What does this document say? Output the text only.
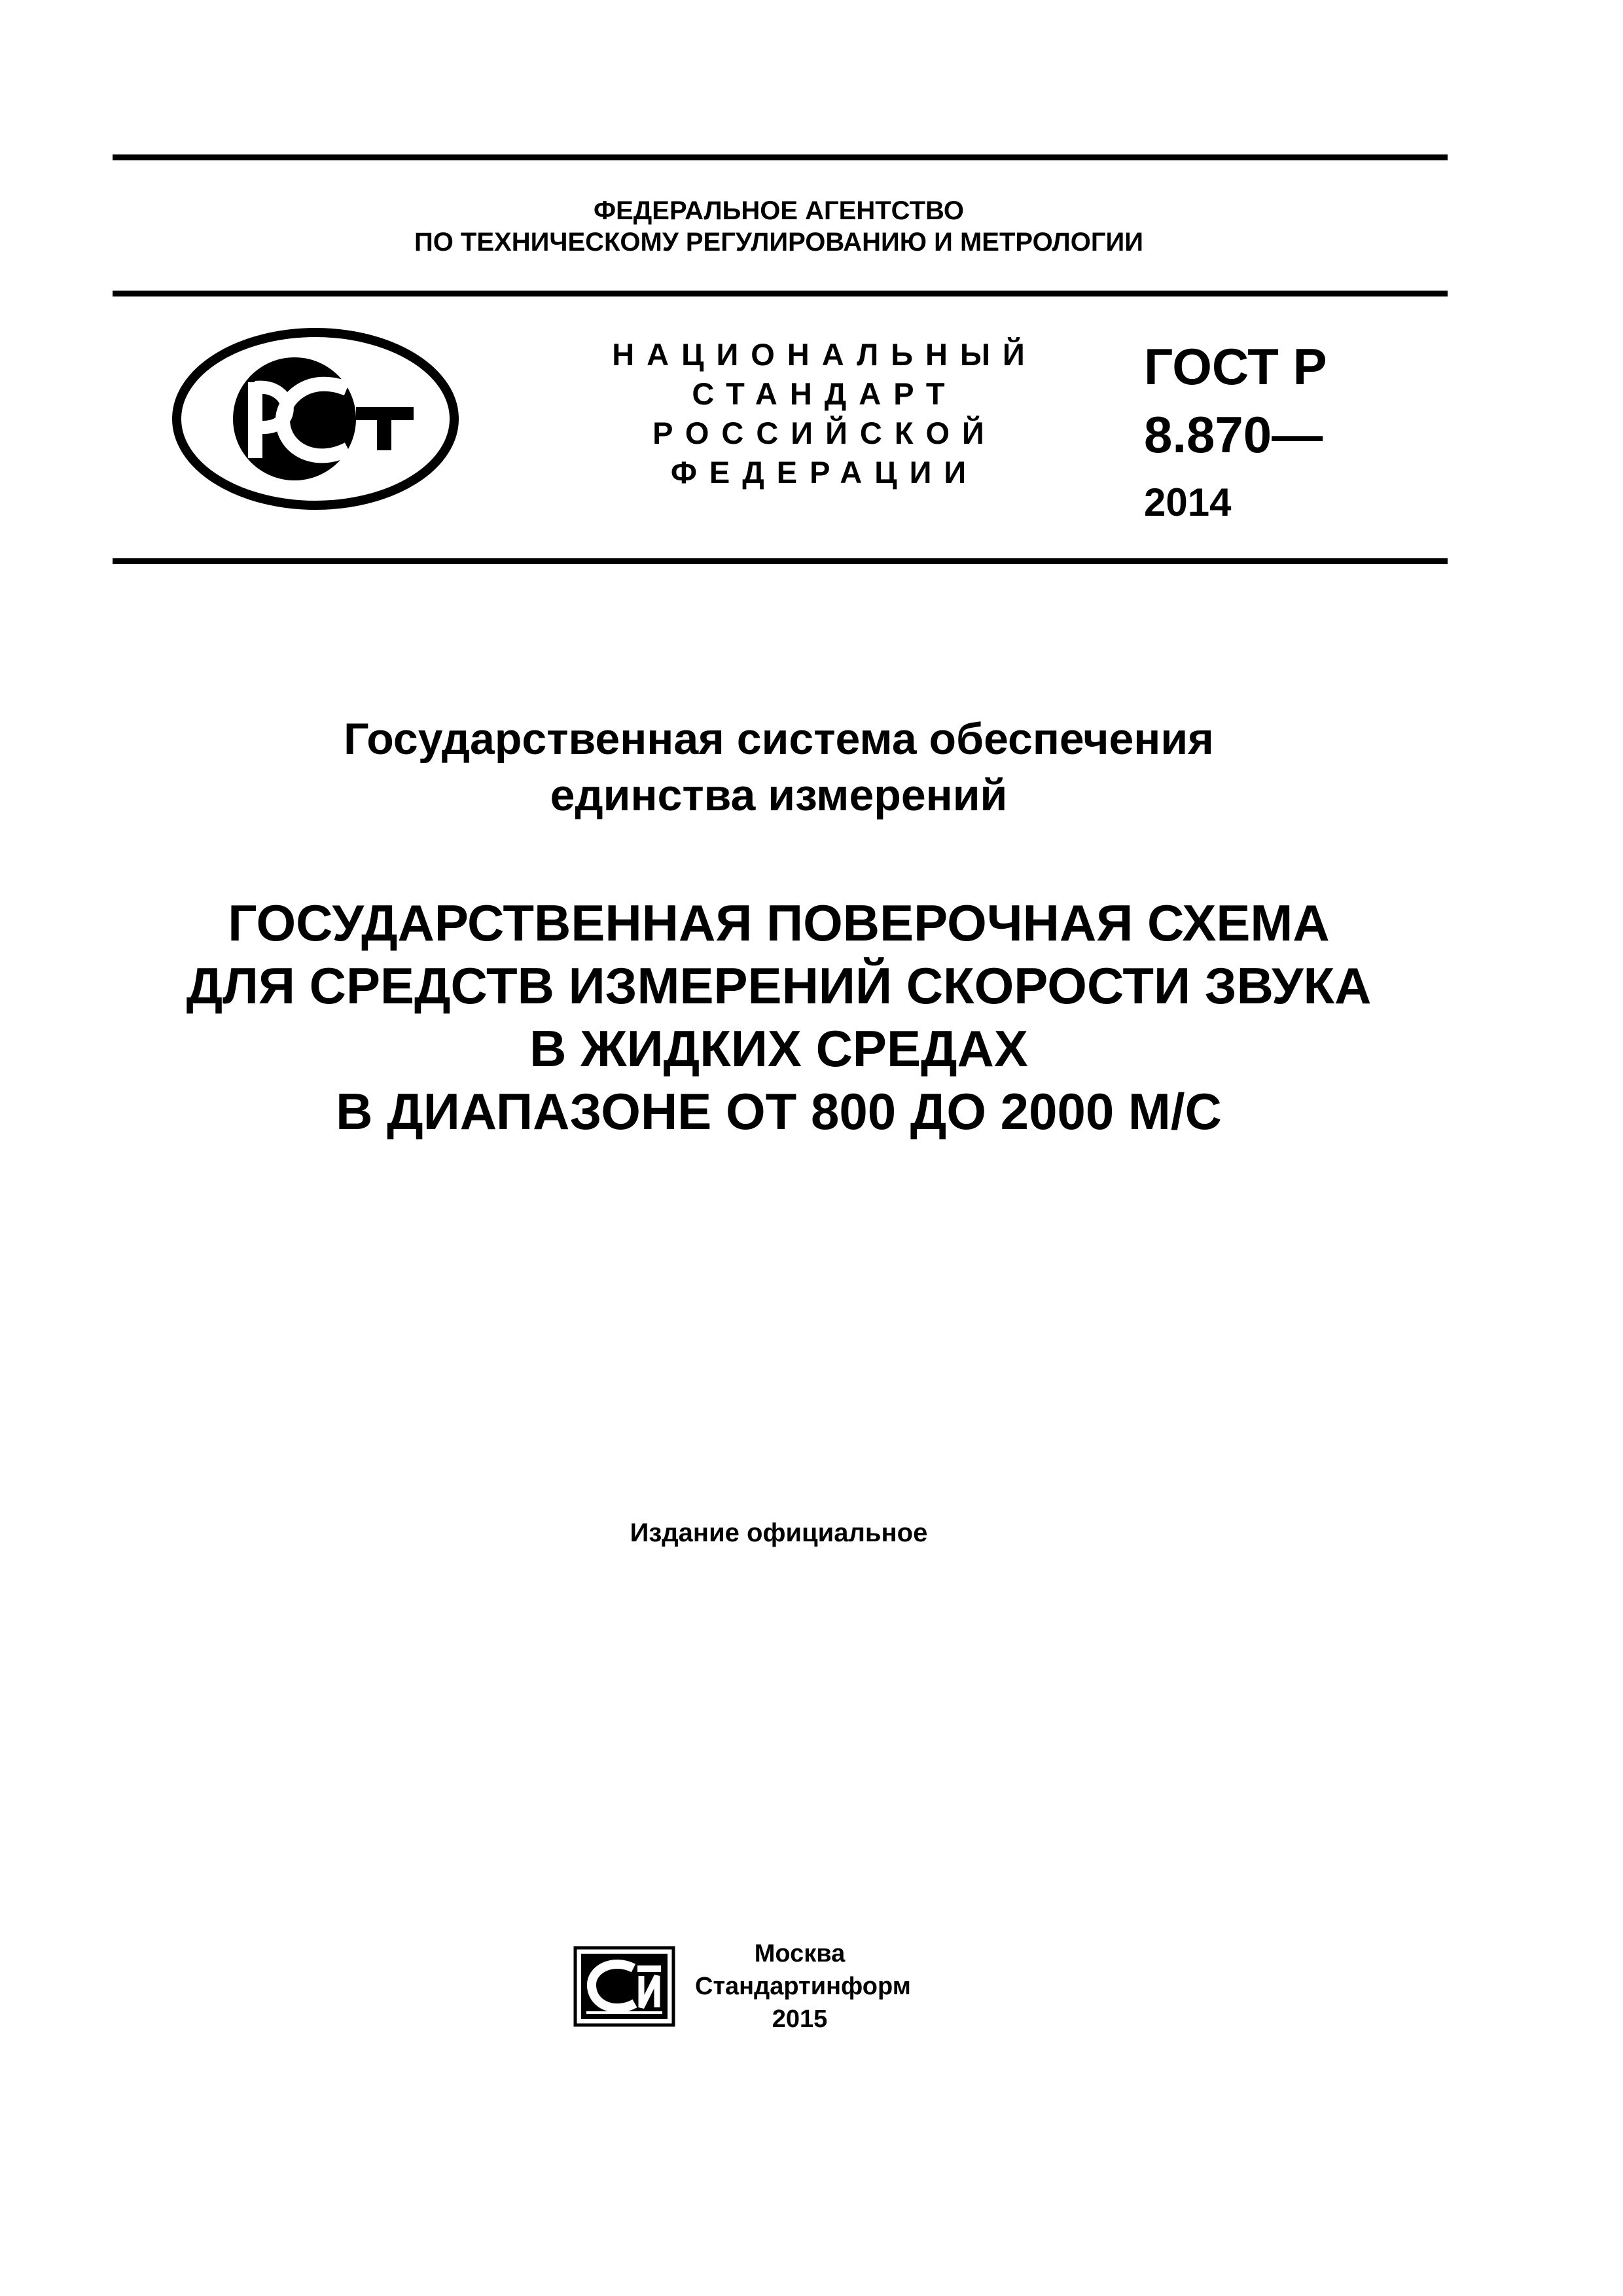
ФЕДЕРАЛЬНОЕ АГЕНТСТВО
ПО ТЕХНИЧЕСКОМУ РЕГУЛИРОВАНИЮ И МЕТРОЛОГИИ
НАЦИОНАЛЬНЫЙ
СТАНДАРТ
РОССИЙСКОЙ
ФЕДЕРАЦИИ
ГОСТ Р
8.870—
2014
Государственная система обеспечения
единства измерений
ГОСУДАРСТВЕННАЯ ПОВЕРОЧНАЯ СХЕМА
ДЛЯ СРЕДСТВ ИЗМЕРЕНИЙ СКОРОСТИ ЗВУКА
В ЖИДКИХ СРЕДАХ
В ДИАПАЗОНЕ ОТ 800 ДО 2000 М/С
Издание официальное
Москва
Стандартинформ
2015
